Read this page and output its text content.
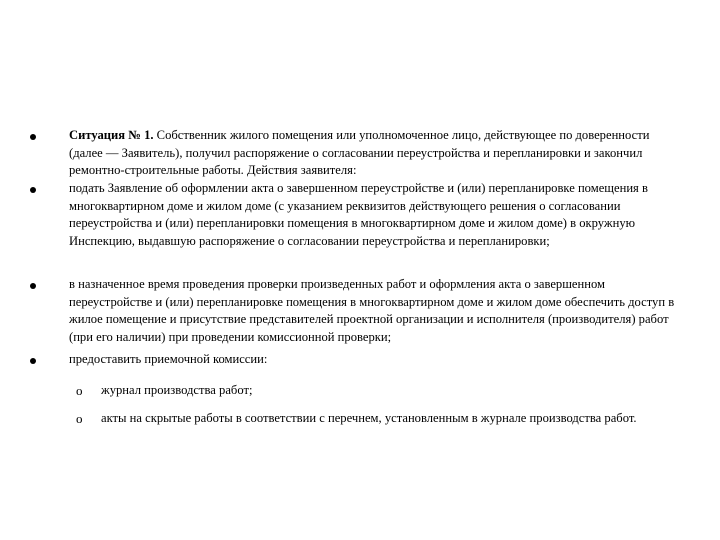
Ситуация № 1. Собственник жилого помещения или уполномоченное лицо, действующее по доверенности (далее — Заявитель), получил распоряжение о согласовании переустройства и перепланировки и закончил ремонтно-строительные работы. Действия заявителя:
подать Заявление об оформлении акта о завершенном переустройстве и (или) перепланировке помещения в многоквартирном доме и жилом доме (с указанием реквизитов действующего решения о согласовании переустройства и (или) перепланировки помещения в многоквартирном доме и жилом доме) в окружную Инспекцию, выдавшую распоряжение о согласовании переустройства и перепланировки;
в назначенное время проведения проверки произведенных работ и оформления акта о завершенном переустройстве и (или) перепланировке помещения в многоквартирном доме и жилом доме обеспечить доступ в жилое помещение и присутствие представителей проектной организации и исполнителя (производителя) работ (при его наличии) при проведении комиссионной проверки;
предоставить приемочной комиссии:
o журнал производства работ;
o акты на скрытые работы в соответствии с перечнем, установленным в журнале производства работ.
